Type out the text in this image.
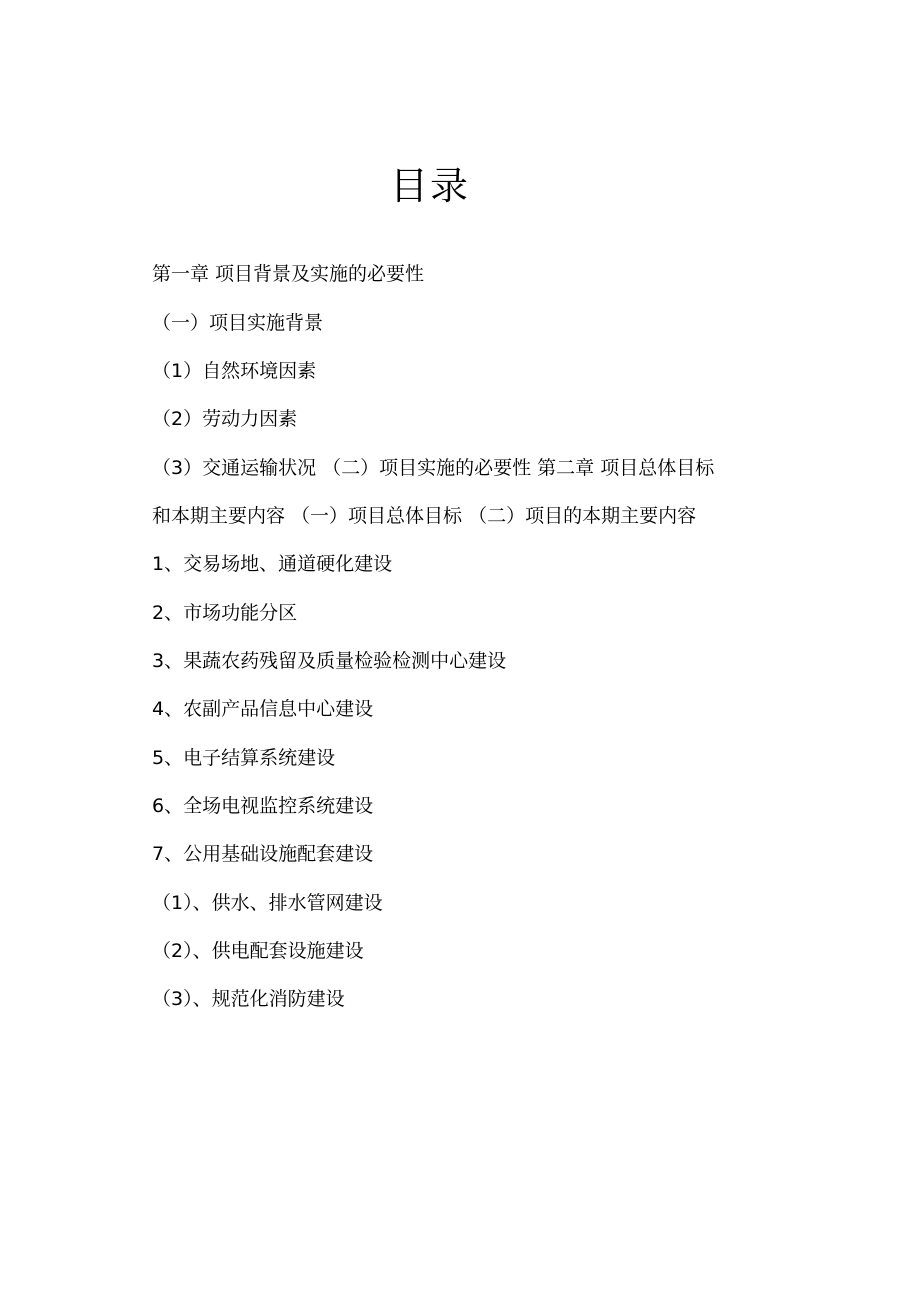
目录
第一章 项目背景及实施的必要性
（一）项目实施背景
（1）自然环境因素
（2）劳动力因素
（3）交通运输状况 （二）项目实施的必要性 第二章 项目总体目标
和本期主要内容 （一）项目总体目标 （二）项目的本期主要内容
1、交易场地、通道硬化建设
2、市场功能分区
3、果蔬农药残留及质量检验检测中心建设
4、农副产品信息中心建设
5、电子结算系统建设
6、全场电视监控系统建设
7、公用基础设施配套建设
（1）、供水、排水管网建设
（2）、供电配套设施建设
（3）、规范化消防建设
